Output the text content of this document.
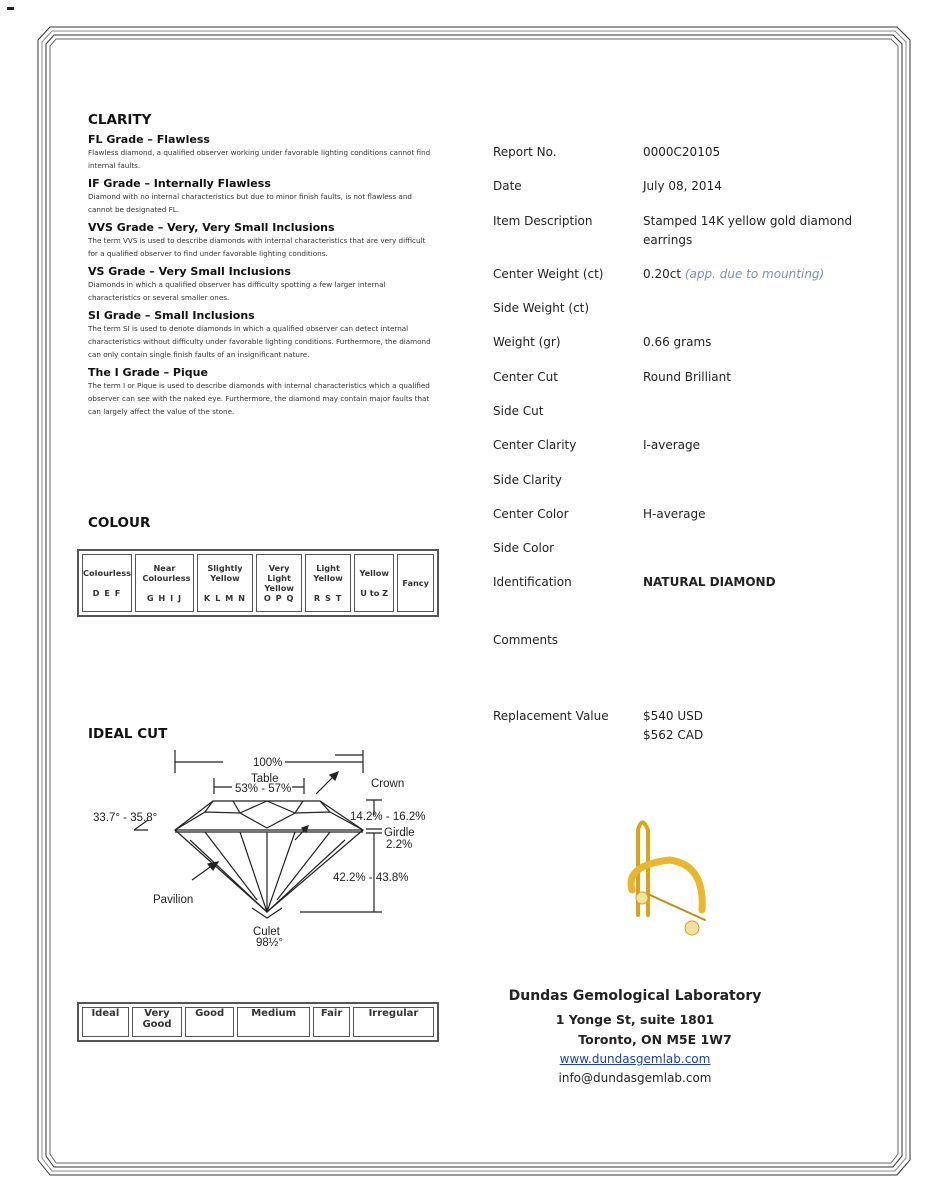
CLARITY
FL Grade – Flawless
Flawless diamond, a qualified observer working under favorable lighting conditions cannot find internal faults.
IF Grade – Internally Flawless
Diamond with no internal characteristics but due to minor finish faults, is not flawless and cannot be designated FL.
VVS Grade – Very, Very Small Inclusions
The term VVS is used to describe diamonds with internal characteristics that are very difficult for a qualified observer to find under favorable lighting conditions.
VS Grade – Very Small Inclusions
Diamonds in which a qualified observer has difficulty spotting a few larger internal characteristics or several smaller ones.
SI Grade – Small Inclusions
The term SI is used to denote diamonds in which a qualified observer can detect internal characteristics without difficulty under favorable lighting conditions. Furthermore, the diamond can only contain single finish faults of an insignificant nature.
The I Grade – Pique
The term I or Pique is used to describe diamonds with internal characteristics which a qualified observer can see with the naked eye. Furthermore, the diamond may contain major faults that can largely affect the value of the stone.
COLOUR
Colourless
D E F

Near Colourless
G H I J

Slightly Yellow
K L M N

Very Light Yellow
O P Q

Light Yellow
R S T

Yellow
U to Z

Fancy
IDEAL CUT
100%
Table
53% - 57%	Crown
33.7° - 35.8°	14.2% - 16.2%
Girdle
2.2%
42.2% - 43.8%
Pavilion
Culet
98½°
Ideal	Very Good	Good	Medium	Fair	Irregular
Report No.	0000C20105
Date	July 08, 2014
Item Description	Stamped 14K yellow gold diamond earrings
Center Weight (ct)	0.20ct (app. due to mounting)
Side Weight (ct)
Weight (gr)	0.66 grams
Center Cut	Round Brilliant
Side Cut
Center Clarity	I-average
Side Clarity
Center Color	H-average
Side Color
Identification	NATURAL DIAMOND
Comments
Replacement Value	$540 USD
$562 CAD
Dundas Gemological Laboratory
1 Yonge St, suite 1801
Toronto, ON M5E 1W7
www.dundasgemlab.com
info@dundasgemlab.com
